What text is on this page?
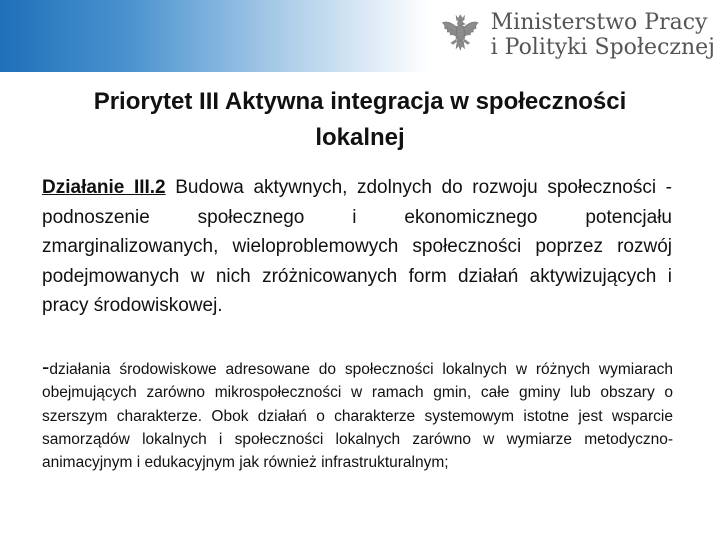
Ministerstwo Pracy
i Polityki Społecznej
Priorytet III Aktywna integracja w społeczności
lokalnej
Działanie III.2 Budowa aktywnych, zdolnych do rozwoju społeczności - podnoszenie społecznego i ekonomicznego potencjału zmarginalizowanych, wieloproblemowych społeczności poprzez rozwój podejmowanych w nich zróżnicowanych form działań aktywizujących i pracy środowiskowej.
-działania środowiskowe adresowane do społeczności lokalnych w różnych wymiarach obejmujących zarówno mikrospołeczności w ramach gmin, całe gminy lub obszary o szerszym charakterze. Obok działań o charakterze systemowym istotne jest wsparcie samorządów lokalnych i społeczności lokalnych zarówno w wymiarze metodyczno-animacyjnym i edukacyjnym jak również infrastrukturalnym;
